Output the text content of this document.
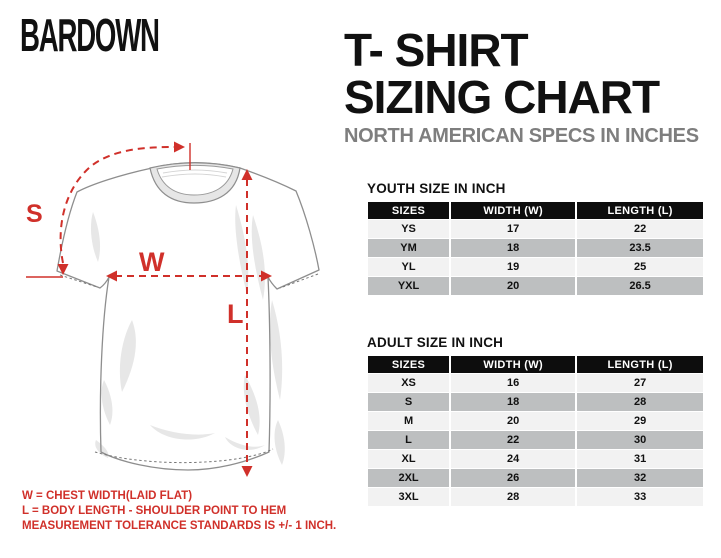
BARDOWN	T- SHIRT
SIZING CHART
NORTH AMERICAN SPECS IN INCHES
S
W
L
YOUTH SIZE IN INCH
SIZES	WIDTH (W)	LENGTH (L)
YS	17	22
YM	18	23.5
YL	19	25
YXL	20	26.5
ADULT SIZE IN INCH
SIZES	WIDTH (W)	LENGTH (L)
XS	16	27
S	18	28
M	20	29
L	22	30
XL	24	31
2XL	26	32
3XL	28	33
W = CHEST WIDTH(LAID FLAT)
L = BODY LENGTH - SHOULDER POINT TO HEM
MEASUREMENT TOLERANCE STANDARDS IS +/- 1 INCH.
